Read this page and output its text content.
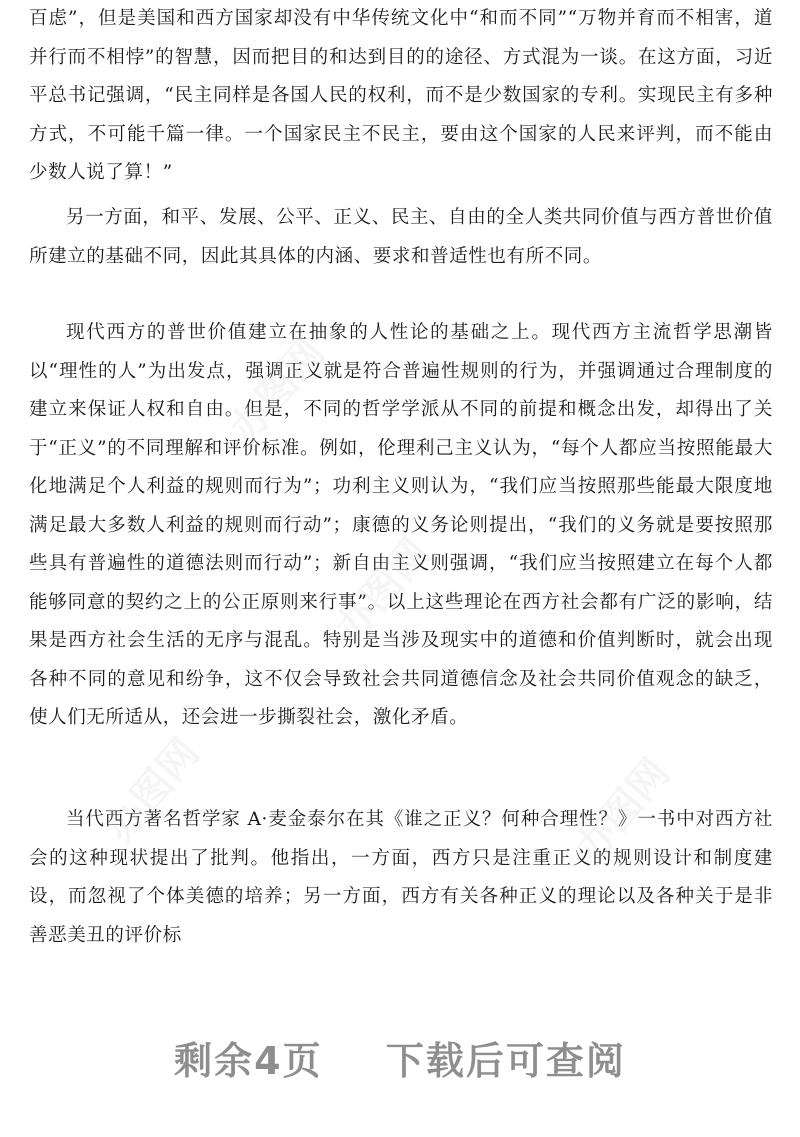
百虑”，但是美国和西方国家却没有中华传统文化中“和而不同”“万物并育而不相害，道并行而不相悖”的智慧，因而把目的和达到目的的途径、方式混为一谈。在这方面，习近平总书记强调，“民主同样是各国人民的权利，而不是少数国家的专利。实现民主有多种方式，不可能千篇一律。一个国家民主不民主，要由这个国家的人民来评判，而不能由少数人说了算！”

另一方面，和平、发展、公平、正义、民主、自由的全人类共同价值与西方普世价值所建立的基础不同，因此其具体的内涵、要求和普适性也有所不同。

现代西方的普世价值建立在抽象的人性论的基础之上。现代西方主流哲学思潮皆以“理性的人”为出发点，强调正义就是符合普遍性规则的行为，并强调通过合理制度的建立来保证人权和自由。但是，不同的哲学学派从不同的前提和概念出发，却得出了关于“正义”的不同理解和评价标准。例如，伦理利己主义认为，“每个人都应当按照能最大化地满足个人利益的规则而行为”；功利主义则认为，“我们应当按照那些能最大限度地满足最大多数人利益的规则而行动”；康德的义务论则提出，“我们的义务就是要按照那些具有普遍性的道德法则而行动”；新自由主义则强调，“我们应当按照建立在每个人都能够同意的契约之上的公正原则来行事”。以上这些理论在西方社会都有广泛的影响，结果是西方社会生活的无序与混乱。特别是当涉及现实中的道德和价值判断时，就会出现各种不同的意见和纷争，这不仅会导致社会共同道德信念及社会共同价值观念的缺乏，使人们无所适从，还会进一步撕裂社会，激化矛盾。

当代西方著名哲学家 A·麦金泰尔在其《谁之正义？何种合理性？》一书中对西方社会的这种现状提出了批判。他指出，一方面，西方只是注重正义的规则设计和制度建设，而忽视了个体美德的培养；另一方面，西方有关各种正义的理论以及各种关于是非善恶美丑的评价标

办图网
办图网
办图网	办图网
剩余4页 下载后可查阅
